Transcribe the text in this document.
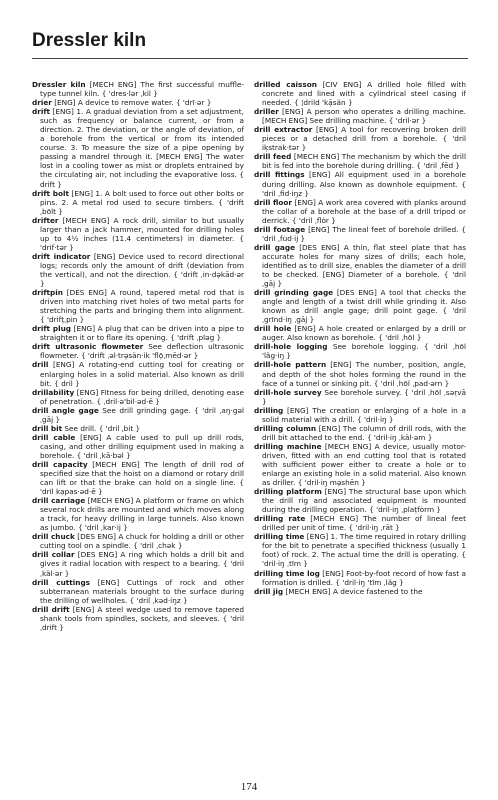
Dressler kiln

Dressler kiln [MECH ENG] The first successful muffle-type tunnel kiln. { 'dres·lər ˌkil }

drier [ENG] A device to remove water. { 'drī·ər }

drift [ENG] 1. A gradual deviation from a set adjustment, such as frequency or balance current, or from a direction. 2. The deviation, or the angle of deviation, of a borehole from the vertical or from its intended course. 3. To measure the size of a pipe opening by passing a mandrel through it. [MECH ENG] The water lost in a cooling tower as mist or droplets entrained by the circulating air, not including the evaporative loss. { drift }

drift bolt [ENG] 1. A bolt used to force out other bolts or pins. 2. A metal rod used to secure timbers. { 'drift ˌbōlt }

drifter [MECH ENG] A rock drill, similar to but usually larger than a jack hammer, mounted for drilling holes up to 4½ inches (11.4 centimeters) in diameter. { 'drif·tər }

drift indicator [ENG] Device used to record directional logs; records only the amount of drift (deviation from the vertical), and not the direction. { 'drift ˌin·də̦kād·ər }

driftpin [DES ENG] A round, tapered metal rod that is driven into matching rivet holes of two metal parts for stretching the parts and bringing them into alignment. { 'drifțˌpin }

drift plug [ENG] A plug that can be driven into a pipe to straighten it or to flare its opening. { 'drift ˌpləg }

drift ultrasonic flowmeter See deflection ultrasonic flowmeter. { 'drift ˌəl·trə̦sän·ik 'flō̦ˌmēd·ər }

drill [ENG] A rotating-end cutting tool for creating or enlarging holes in a solid material. Also known as drill bit. { dril }

drillability [ENG] Fitness for being drilled, denoting ease of penetration. { ˌdril·ə'bil·əd·ē }

drill angle gage See drill grinding gage. { 'dril ˌaŋ·gəl ˌgāj }

drill bit See drill. { 'dril ˌbit }

drill cable [ENG] A cable used to pull up drill rods, casing, and other drilling equipment used in making a borehole. { 'dril ˌkā·bəl }

drill capacity [MECH ENG] The length of drill rod of specified size that the hoist on a diamond or rotary drill can lift or that the brake can hold on a single line. { 'dril ka̦pas·əd·ē }

drill carriage [MECH ENG] A platform or frame on which several rock drills are mounted and which moves along a track, for heavy drilling in large tunnels. Also known as jumbo. { 'dril ˌkar·ij }

drill chuck [DES ENG] A chuck for holding a drill or other cutting tool on a spindle. { 'dril ˌchək }

drill collar [DES ENG] A ring which holds a drill bit and gives it radial location with respect to a bearing. { 'dril ˌkäl·ər }

drill cuttings [ENG] Cuttings of rock and other subterranean materials brought to the surface during the drilling of wellholes. { 'dril ˌkəd·iŋz }

drill drift [ENG] A steel wedge used to remove tapered shank tools from spindles, sockets, and sleeves. { 'dril ˌdrift }

drilled caisson [CIV ENG] A drilled hole filled with concrete and lined with a cylindrical steel casing if needed. { ¦drild 'kā̦sän }

driller [ENG] A person who operates a drilling machine. [MECH ENG] See drilling machine. { 'dril·ər }

drill extractor [ENG] A tool for recovering broken drill pieces or a detached drill from a borehole. { 'dril ik̦strak·tər }

drill feed [MECH ENG] The mechanism by which the drill bit is fed into the borehole during drilling. { 'dril ˌfēd }

drill fittings [ENG] All equipment used in a borehole during drilling. Also known as downhole equipment. { 'dril ˌfid·iŋz }

drill floor [ENG] A work area covered with planks around the collar of a borehole at the base of a drill tripod or derrick. { 'dril ˌflȯr }

drill footage [ENG] The lineal feet of borehole drilled. { 'dril ˌfu̇d·ij }

drill gage [DES ENG] A thin, flat steel plate that has accurate holes for many sizes of drills; each hole, identified as to drill size, enables the diameter of a drill to be checked. [ENG] Diameter of a borehole. { 'dril ˌgāj }

drill grinding gage [DES ENG] A tool that checks the angle and length of a twist drill while grinding it. Also known as drill angle gage; drill point gage. { 'dril ˌgrīnd·iŋ ˌgāj }

drill hole [ENG] A hole created or enlarged by a drill or auger. Also known as borehole. { 'dril ˌhōl }

drill-hole logging See borehole logging. { 'dril ˌhōl 'läg·iŋ }

drill-hole pattern [ENG] The number, position, angle, and depth of the shot holes forming the round in the face of a tunnel or sinking pit. { 'dril ˌhōl ˌpad·ərn }

drill-hole survey See borehole survey. { 'dril ˌhōl ˌsər̦vā }

drilling [ENG] The creation or enlarging of a hole in a solid material with a drill. { 'dril·iŋ }

drilling column [ENG] The column of drill rods, with the drill bit attached to the end. { 'dril·iŋ ˌkäl·əm }

drilling machine [MECH ENG] A device, usually motor-driven, fitted with an end cutting tool that is rotated with sufficient power either to create a hole or to enlarge an existing hole in a solid material. Also known as driller. { 'dril·iŋ mə̦shēn }

drilling platform [ENG] The structural base upon which the drill rig and associated equipment is mounted during the drilling operation. { 'dril·iŋ ˌplațfȯrm }

drilling rate [MECH ENG] The number of lineal feet drilled per unit of time. { 'dril·iŋ ˌrāt }

drilling time [ENG] 1. The time required in rotary drilling for the bit to penetrate a specified thickness (usually 1 foot) of rock. 2. The actual time the drill is operating. { 'dril·iŋ ˌtīm }

drilling time log [ENG] Foot-by-foot record of how fast a formation is drilled. { 'dril·iŋ 'tīm ˌläg }

drill jig [MECH ENG] A device fastened to the

174
